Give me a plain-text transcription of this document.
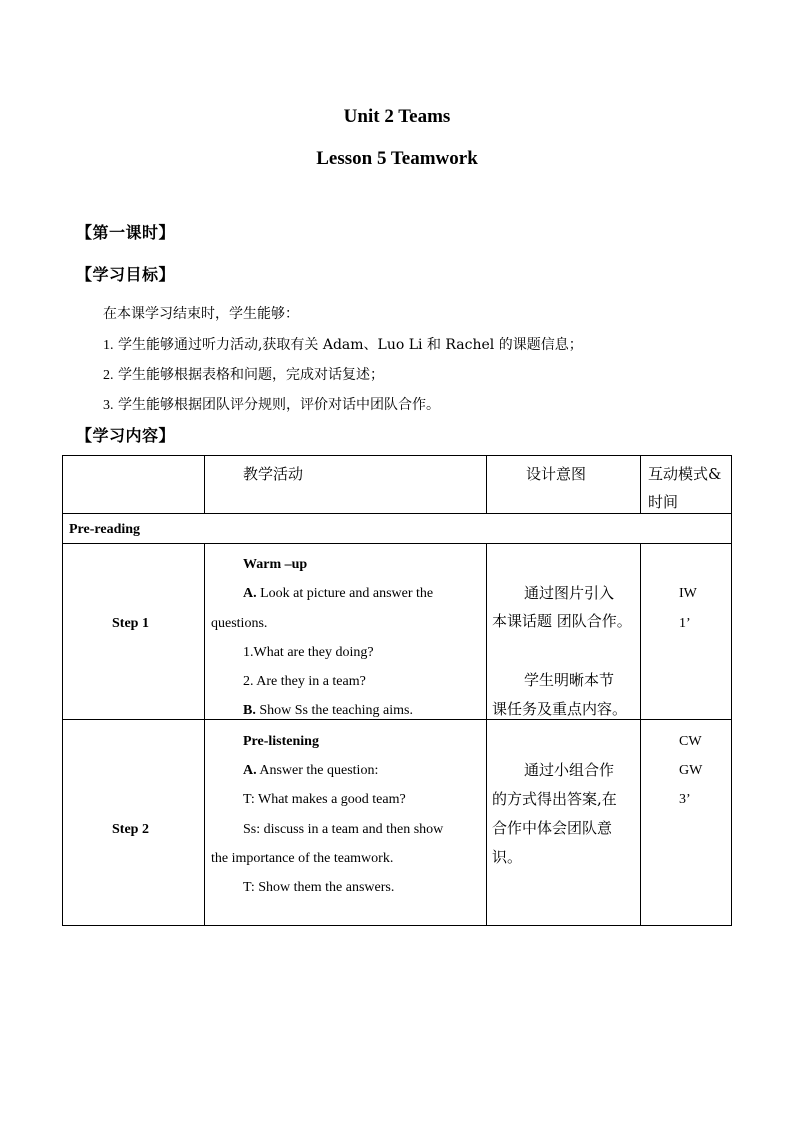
Unit 2 Teams
Lesson 5 Teamwork
【第一课时】
【学习目标】
在本课学习结束时，学生能够：
1. 学生能够通过听力活动,获取有关 Adam、Luo Li 和 Rachel 的课题信息；
2. 学生能够根据表格和问题，完成对话复述；
3. 学生能够根据团队评分规则，评价对话中团队合作。
【学习内容】
教学活动	设计意图	互动模式&
时间
Pre-reading
Step 1
Warm –up
A. Look at picture and answer the
questions.
1.What are they doing?
2. Are they in a team?
B. Show Ss the teaching aims.
通过图片引入
本课话题 团队合作。
学生明晰本节
课任务及重点内容。
IW
1’
Step 2
Pre-listening
A. Answer the question:
T: What makes a good team?
Ss: discuss in a team and then show
the importance of the teamwork.
T: Show them the answers.
通过小组合作
的方式得出答案,在
合作中体会团队意
识。
CW
GW
3’
